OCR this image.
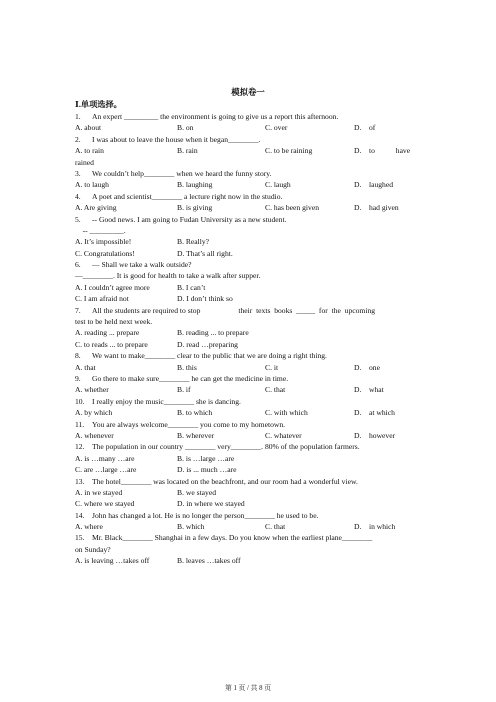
模拟卷一
Ⅰ.单项选择。
1. An expert _________ the environment is going to give us a report this afternoon.
A. about	B. on	C. over	D.    of
2. I was about to leave the house when it began________.
A. to rain	B. rain	C. to be raining	D.    to           have
rained
3. We couldn’t help________ when we heard the funny story.
A. to laugh	B. laughing	C. laugh	D.    laughed
4. A poet and scientist________ a lecture right now in the studio.
A. Are giving	B. is giving	C. has been given	D.    had given
5. -- Good news. I am going to Fudan University as a new student.
-- _________.
A. It’s impossible!	B. Really?
C. Congratulations!	D. That’s all right.
6. — Shall we take a walk outside?
—________. It is good for health to take a walk after supper.
A. I couldn’t agree more	B. I can’t
C. I am afraid not	D. I don’t think so
7. All the students are required to stop                    their  texts  books  _____  for  the  upcoming
test to be held next week.
A. reading ... prepare	B. reading ... to prepare
C. to reads ... to prepare	D. read …preparing
8. We want to make________ clear to the public that we are doing a right thing.
A. that	B. this	C. it	D.    one
9. Go there to make sure________ he can get the medicine in time.
A. whether	B. if	C. that	D.    what
10. I really enjoy the music________ she is dancing.
A. by which	B. to which	C. with which	D.    at which
11. You are always welcome________ you come to my hometown.
A. whenever	B. wherever	C. whatever	D.    however
12. The population in our country ________ very________. 80% of the population farmers.
A. is …many …are	B. is …large …are
C. are …large …are	D. is ... much …are
13. The hotel________ was located on the beachfront, and our room had a wonderful view.
A. in we stayed	B. we stayed
C. where we stayed	D. in where we stayed
14. John has changed a lot. He is no longer the person________ he used to be.
A. where	B. which	C. that	D.    in which
15. Mr. Black________ Shanghai in a few days. Do you know when the earliest plane________
on Sunday?
A. is leaving …takes off	B. leaves …takes off
第 1 页 / 共 8 页
